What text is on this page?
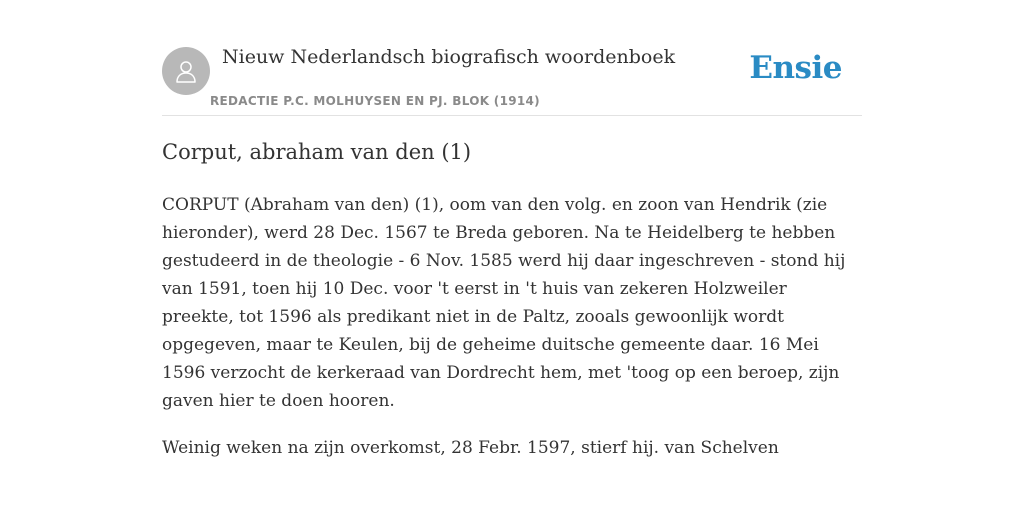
Nieuw Nederlandsch biografisch woordenboek
REDACTIE P.C. MOLHUYSEN EN PJ. BLOK (1914)
Ensie
Corput, abraham van den (1)

CORPUT (Abraham van den) (1), oom van den volg. en zoon van Hendrik (zie hieronder), werd 28 Dec. 1567 te Breda geboren. Na te Heidelberg te hebben gestudeerd in de theologie - 6 Nov. 1585 werd hij daar ingeschreven - stond hij van 1591, toen hij 10 Dec. voor 't eerst in 't huis van zekeren Holzweiler preekte, tot 1596 als predikant niet in de Paltz, zooals gewoonlijk wordt opgegeven, maar te Keulen, bij de geheime duitsche gemeente daar. 16 Mei 1596 verzocht de kerkeraad van Dordrecht hem, met 'toog op een beroep, zijn gaven hier te doen hooren.

Weinig weken na zijn overkomst, 28 Febr. 1597, stierf hij. van Schelven
